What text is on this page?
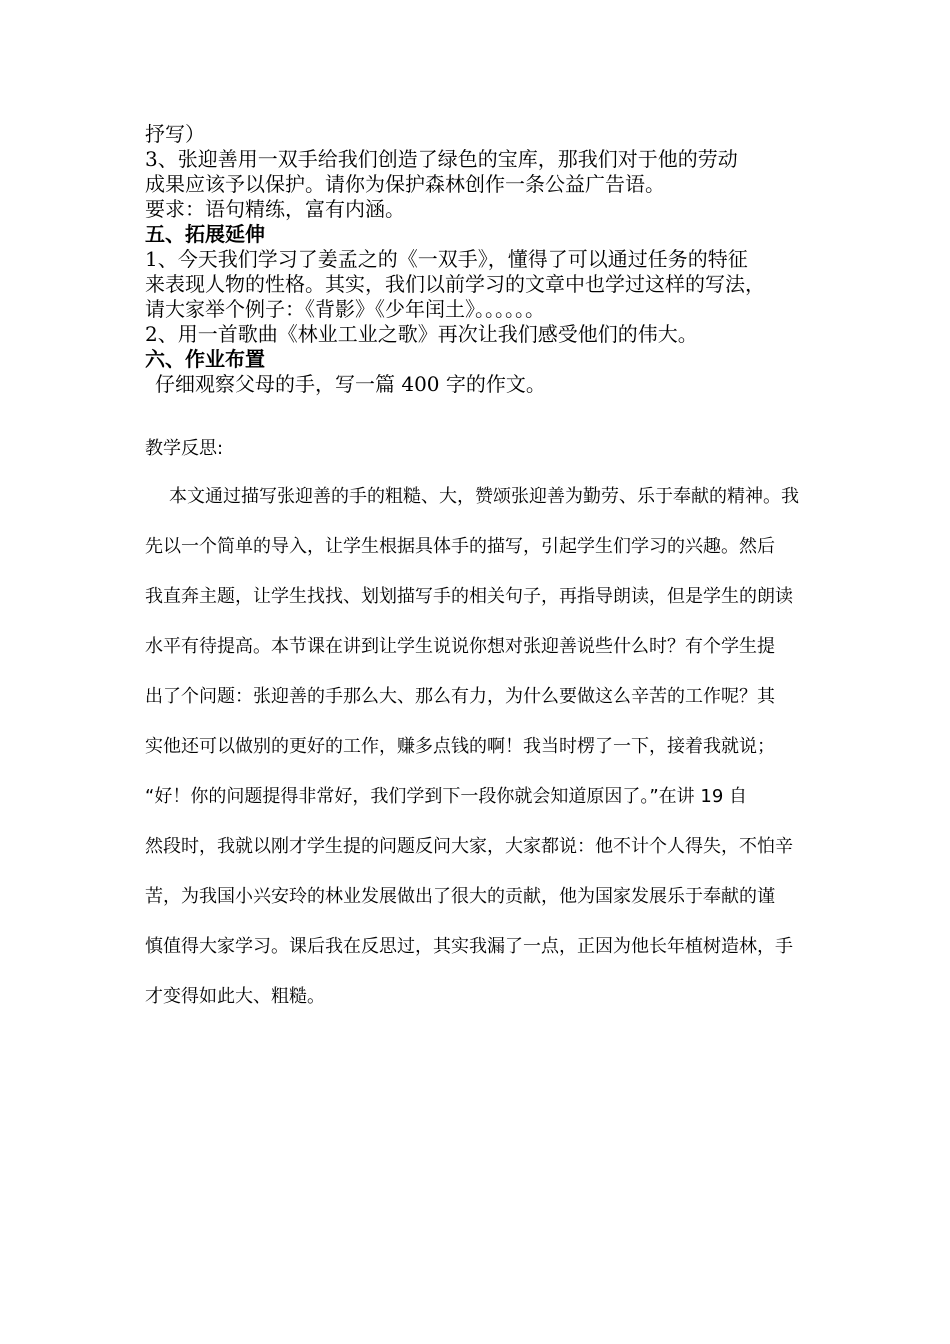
抒写）
3、张迎善用一双手给我们创造了绿色的宝库，那我们对于他的劳动
成果应该予以保护。请你为保护森林创作一条公益广告语。
要求：语句精练，富有内涵。
五、拓展延伸
1、今天我们学习了姜孟之的《一双手》，懂得了可以通过任务的特征
来表现人物的性格。其实，我们以前学习的文章中也学过这样的写法，
请大家举个例子：《背影》《少年闰土》。。。。。。
2、用一首歌曲《林业工业之歌》再次让我们感受他们的伟大。
六、作业布置
仔细观察父母的手，写一篇 400 字的作文。
教学反思:
本文通过描写张迎善的手的粗糙、大，赞颂张迎善为勤劳、乐于奉献的精神。我
先以一个简单的导入，让学生根据具体手的描写，引起学生们学习的兴趣。然后
我直奔主题，让学生找找、划划描写手的相关句子，再指导朗读，但是学生的朗读
水平有待提高。本节课在讲到让学生说说你想对张迎善说些什么时？有个学生提
出了个问题：张迎善的手那么大、那么有力，为什么要做这么辛苦的工作呢？其
实他还可以做别的更好的工作，赚多点钱的啊！我当时楞了一下，接着我就说；
“好！你的问题提得非常好，我们学到下一段你就会知道原因了。”在讲 19 自
然段时，我就以刚才学生提的问题反问大家，大家都说：他不计个人得失，不怕辛
苦，为我国小兴安玲的林业发展做出了很大的贡献，他为国家发展乐于奉献的谨
慎值得大家学习。课后我在反思过，其实我漏了一点，正因为他长年植树造林，手
才变得如此大、粗糙。
